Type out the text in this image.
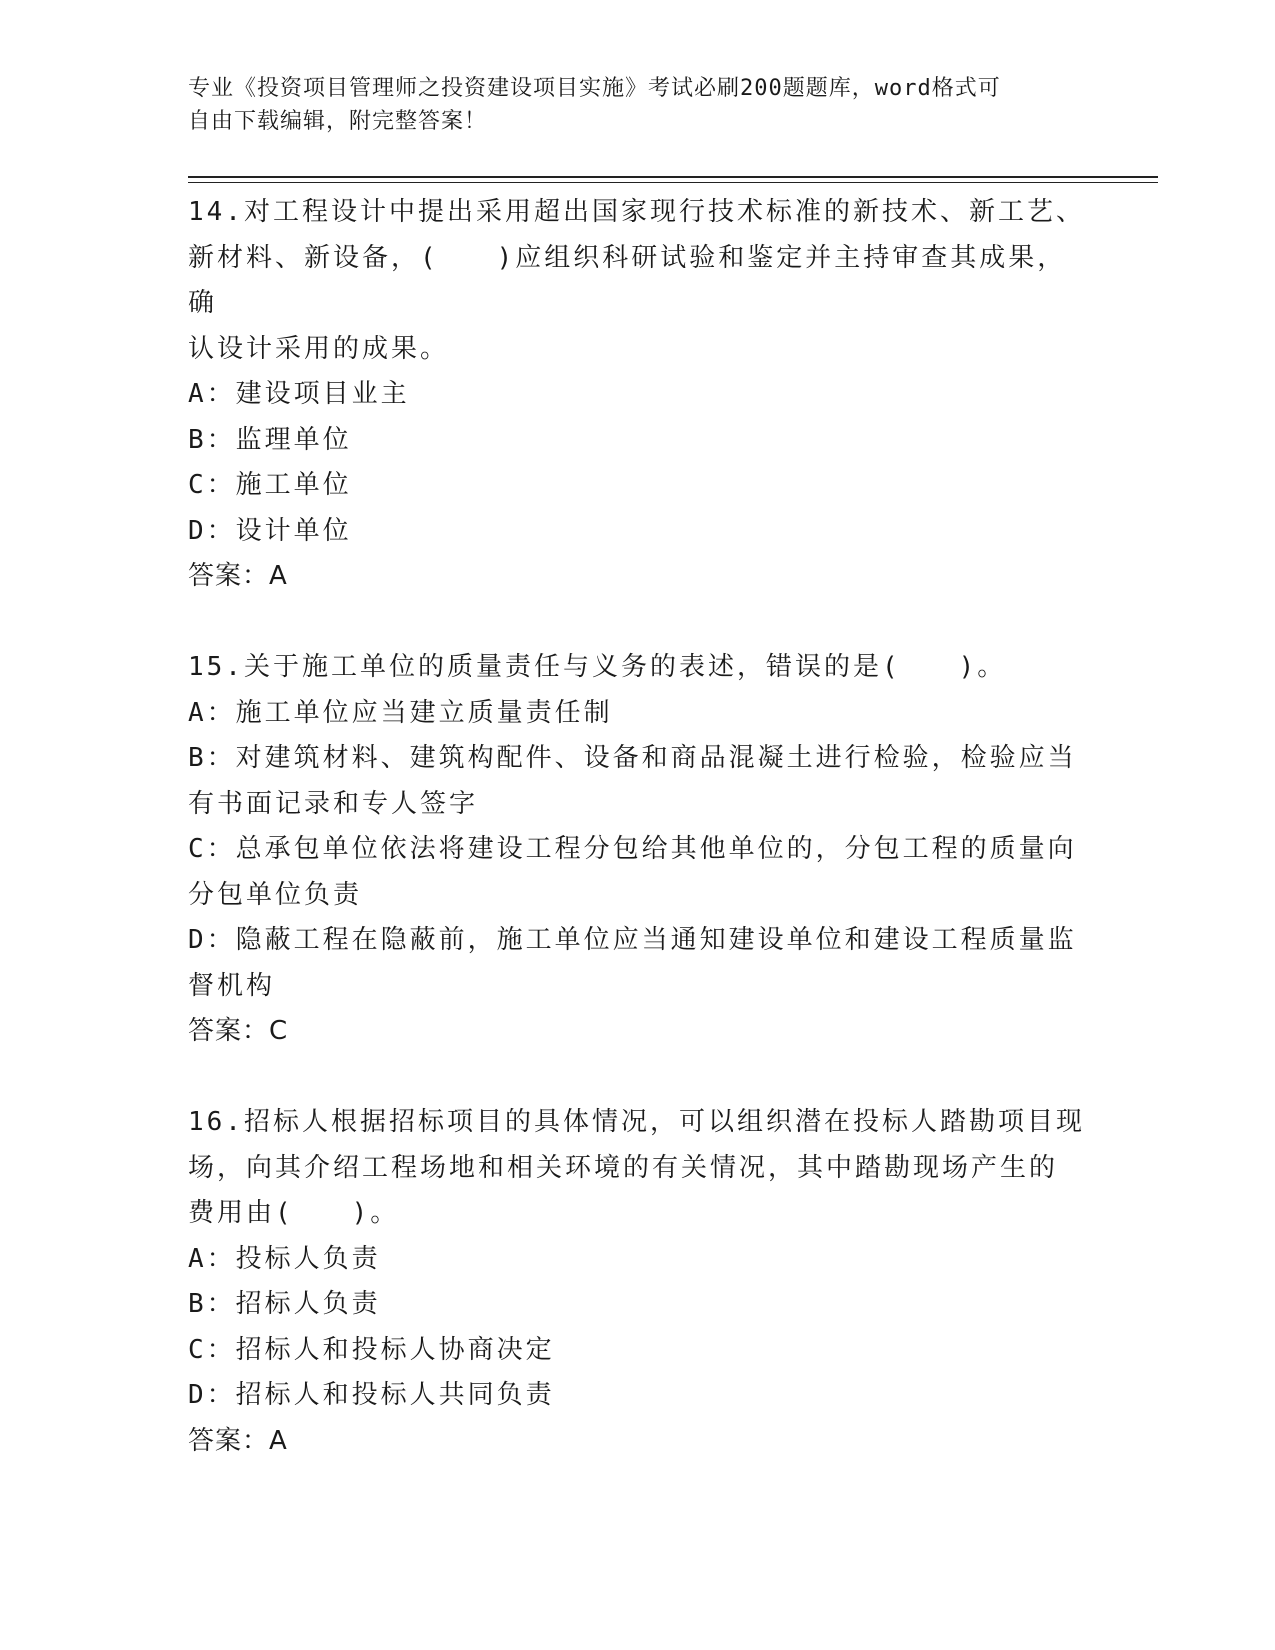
专业《投资项目管理师之投资建设项目实施》考试必刷200题题库，word格式可
自由下载编辑，附完整答案！
14.对工程设计中提出采用超出国家现行技术标准的新技术、新工艺、
新材料、新设备，(　　)应组织科研试验和鉴定并主持审查其成果，确
认设计采用的成果。
A：建设项目业主
B：监理单位
C：施工单位
D：设计单位
答案：A
15.关于施工单位的质量责任与义务的表述，错误的是(　　)。
A：施工单位应当建立质量责任制
B：对建筑材料、建筑构配件、设备和商品混凝土进行检验，检验应当
有书面记录和专人签字
C：总承包单位依法将建设工程分包给其他单位的，分包工程的质量向
分包单位负责
D：隐蔽工程在隐蔽前，施工单位应当通知建设单位和建设工程质量监
督机构
答案：C
16.招标人根据招标项目的具体情况，可以组织潜在投标人踏勘项目现
场，向其介绍工程场地和相关环境的有关情况，其中踏勘现场产生的
费用由(　　)。
A：投标人负责
B：招标人负责
C：招标人和投标人协商决定
D：招标人和投标人共同负责
答案：A
